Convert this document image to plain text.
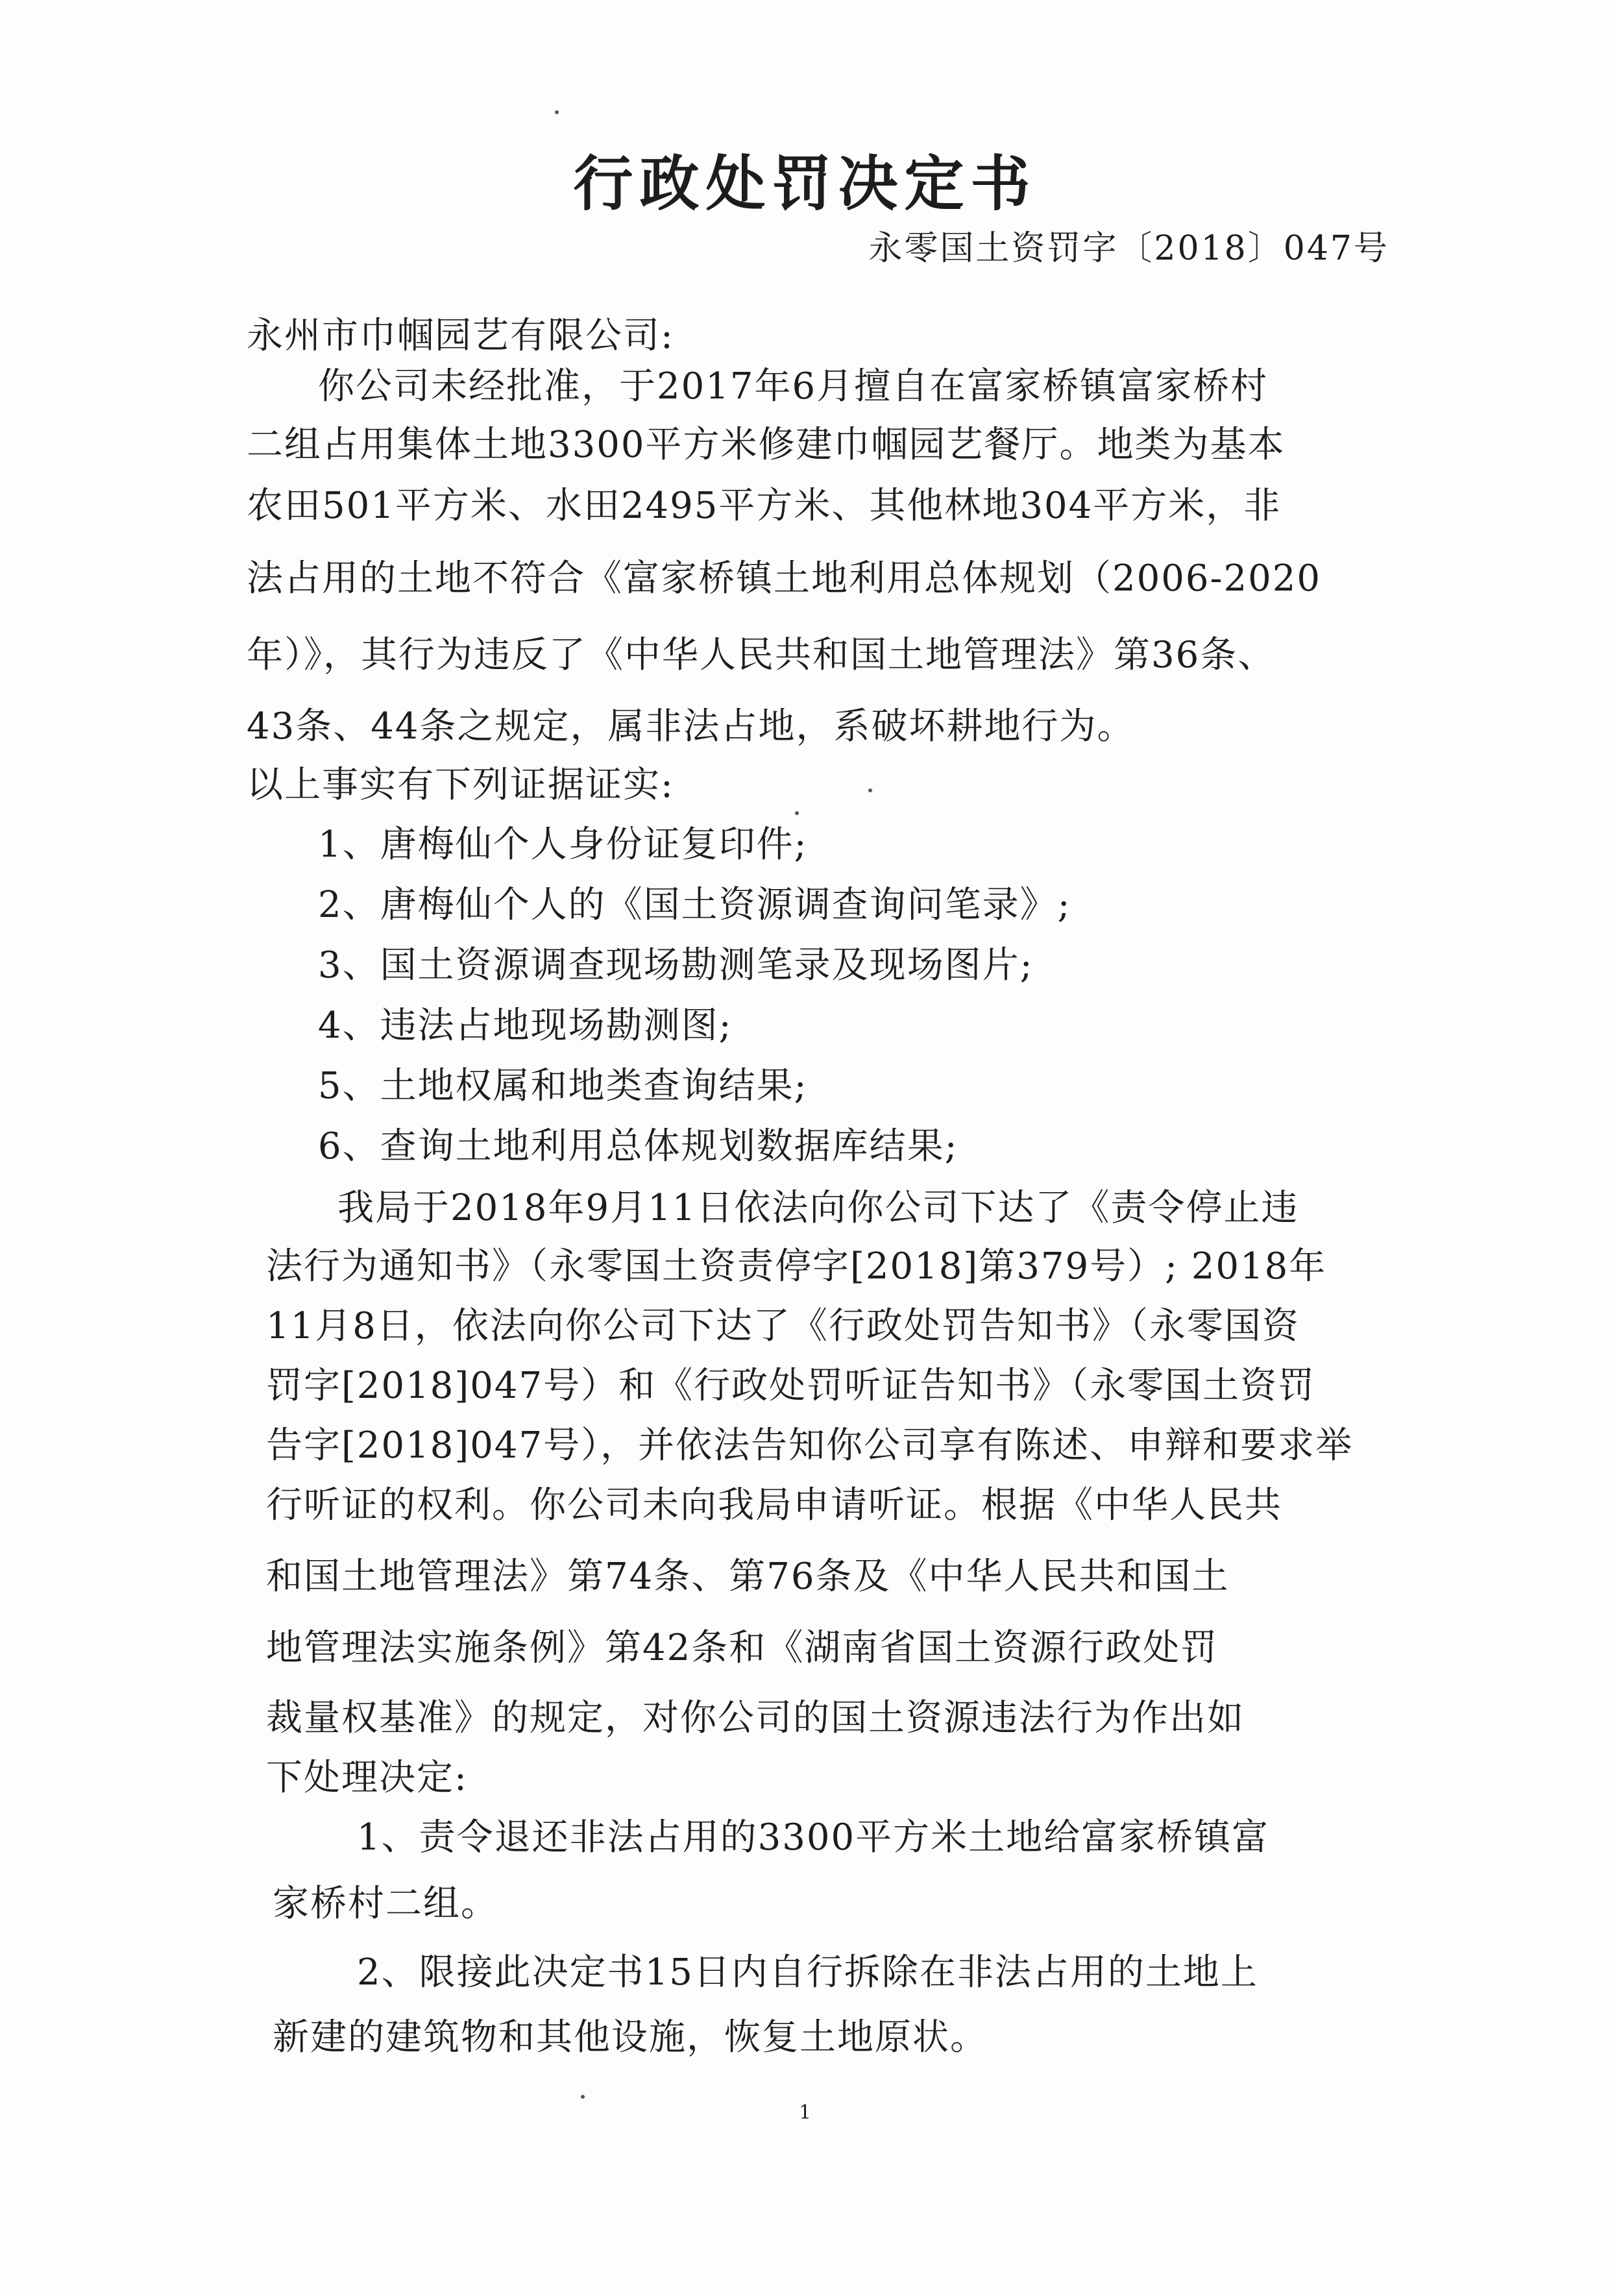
行政处罚决定书
永零国土资罚字〔2018〕047号
永州市巾帼园艺有限公司:
你公司未经批准，于2017年6月擅自在富家桥镇富家桥村
二组占用集体土地3300平方米修建巾帼园艺餐厅。地类为基本
农田501平方米、水田2495平方米、其他林地304平方米，非
法占用的土地不符合《富家桥镇土地利用总体规划（2006-2020
年）》，其行为违反了《中华人民共和国土地管理法》第36条、
43条、44条之规定，属非法占地，系破坏耕地行为。
以上事实有下列证据证实:
1、唐梅仙个人身份证复印件;
2、唐梅仙个人的《国土资源调查询问笔录》;
3、国土资源调查现场勘测笔录及现场图片;
4、违法占地现场勘测图;
5、土地权属和地类查询结果;
6、查询土地利用总体规划数据库结果;
我局于2018年9月11日依法向你公司下达了《责令停止违
法行为通知书》（永零国土资责停字[2018]第379号）; 2018年
11月8日，依法向你公司下达了《行政处罚告知书》（永零国资
罚字[2018]047号）和《行政处罚听证告知书》（永零国土资罚
告字[2018]047号），并依法告知你公司享有陈述、申辩和要求举
行听证的权利。你公司未向我局申请听证。根据《中华人民共
和国土地管理法》第74条、第76条及《中华人民共和国土
地管理法实施条例》第42条和《湖南省国土资源行政处罚
裁量权基准》的规定，对你公司的国土资源违法行为作出如
下处理决定:
1、责令退还非法占用的3300平方米土地给富家桥镇富
家桥村二组。
2、限接此决定书15日内自行拆除在非法占用的土地上
新建的建筑物和其他设施，恢复土地原状。
1
